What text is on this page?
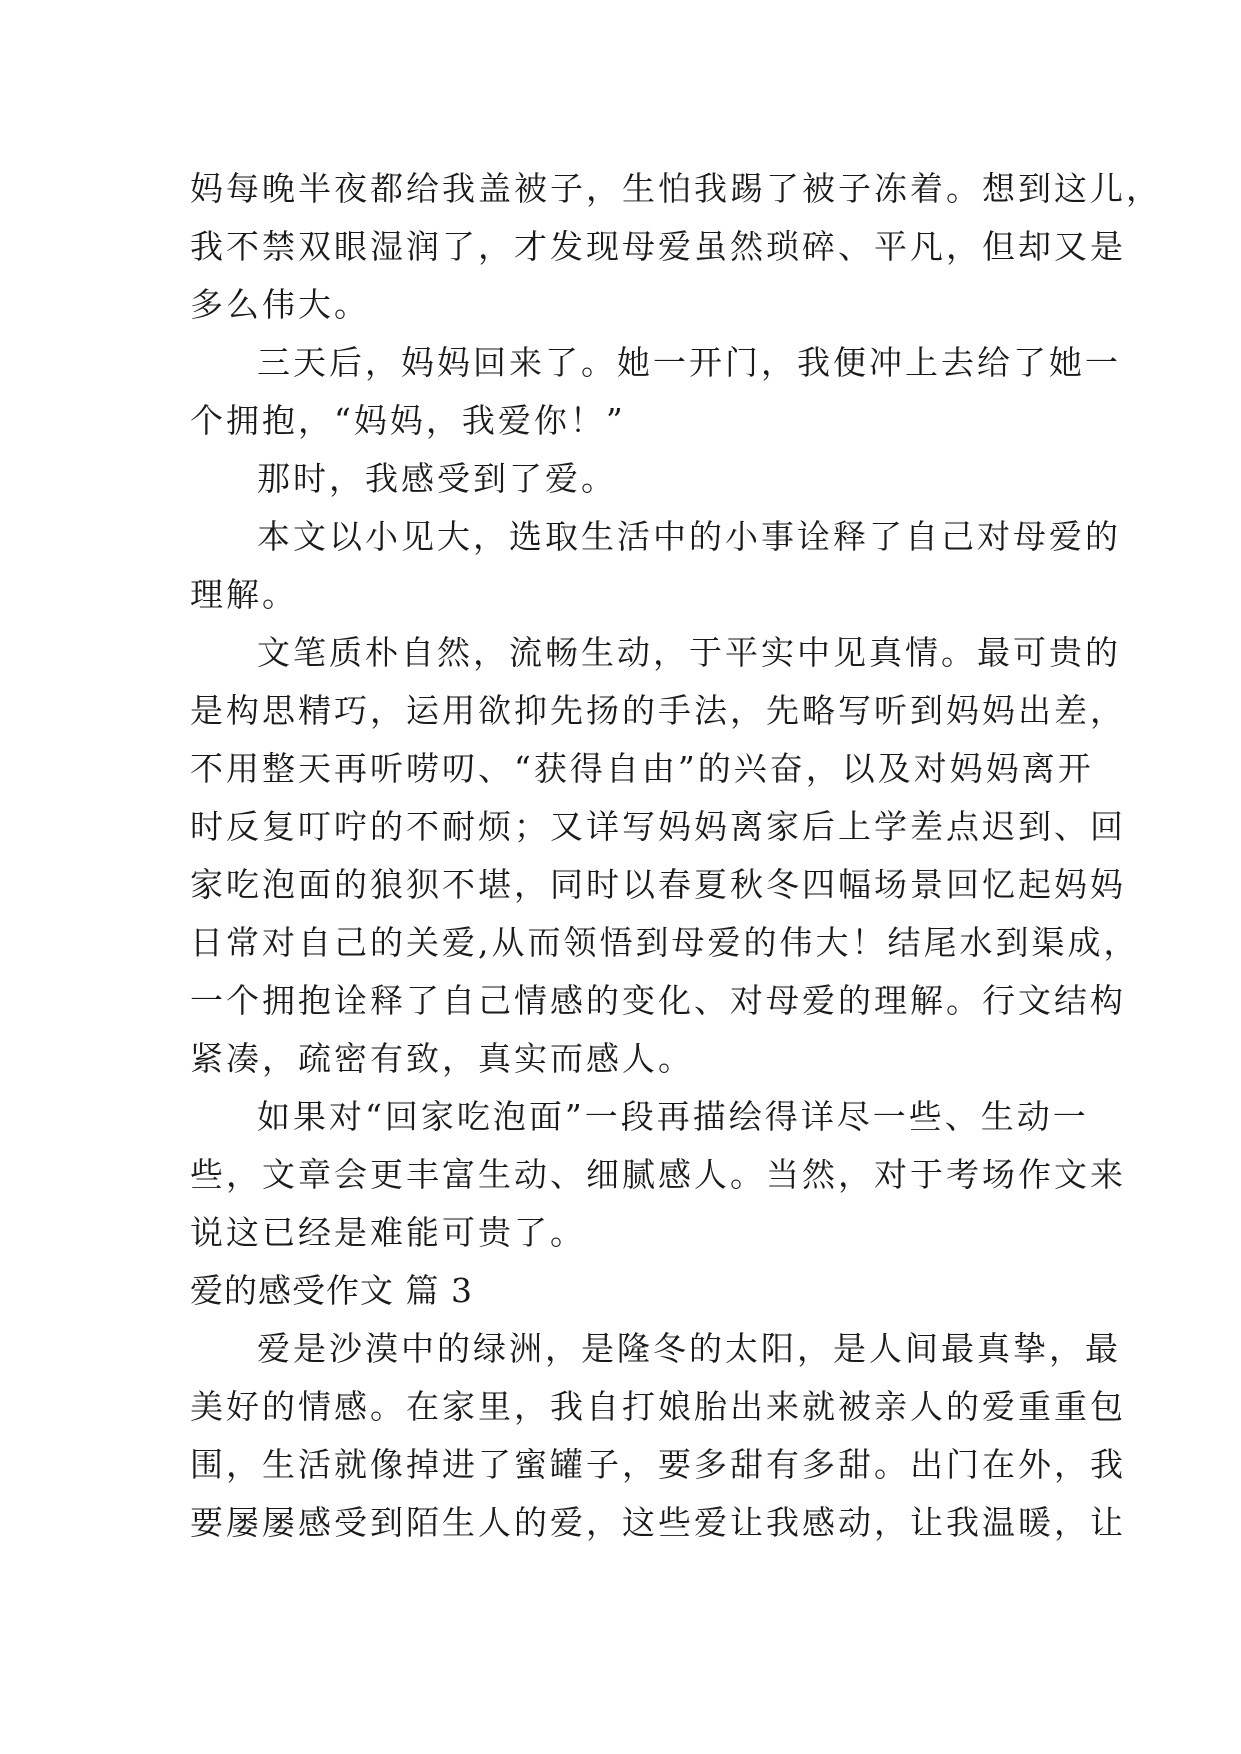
妈每晚半夜都给我盖被子，生怕我踢了被子冻着。想到这儿，
我不禁双眼湿润了，才发现母爱虽然琐碎、平凡，但却又是
多么伟大。
三天后，妈妈回来了。她一开门，我便冲上去给了她一
个拥抱，“妈妈，我爱你！”
那时，我感受到了爱。
本文以小见大，选取生活中的小事诠释了自己对母爱的
理解。
文笔质朴自然，流畅生动，于平实中见真情。最可贵的
是构思精巧，运用欲抑先扬的手法，先略写听到妈妈出差，
不用整天再听唠叨、“获得自由”的兴奋，以及对妈妈离开
时反复叮咛的不耐烦；又详写妈妈离家后上学差点迟到、回
家吃泡面的狼狈不堪，同时以春夏秋冬四幅场景回忆起妈妈
日常对自己的关爱,从而领悟到母爱的伟大！结尾水到渠成，
一个拥抱诠释了自己情感的变化、对母爱的理解。行文结构
紧凑，疏密有致，真实而感人。
如果对“回家吃泡面”一段再描绘得详尽一些、生动一
些，文章会更丰富生动、细腻感人。当然，对于考场作文来
说这已经是难能可贵了。
爱的感受作文 篇 3
爱是沙漠中的绿洲，是隆冬的太阳，是人间最真挚，最
美好的情感。在家里，我自打娘胎出来就被亲人的爱重重包
围，生活就像掉进了蜜罐子，要多甜有多甜。出门在外，我
要屡屡感受到陌生人的爱，这些爱让我感动，让我温暖，让
